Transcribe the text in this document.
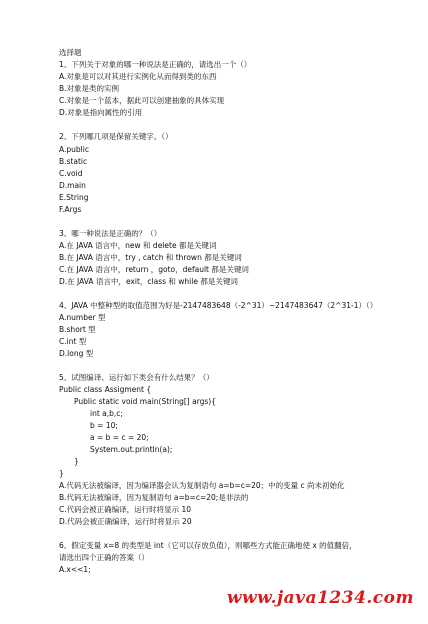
选择题
1、下列关于对象的哪一种说法是正确的，请选出一个（）
A.对象是可以对其进行实例化从而得到类的东西
B.对象是类的实例
C.对象是一个蓝本，据此可以创建抽象的具体实现
D.对象是指向属性的引用
2、下列哪几项是保留关键字。（）
A.public
B.static
C.void
D.main
E.String
F.Args
3、哪一种说法是正确的？（）
A.在 JAVA 语言中，new 和 delete 都是关键词
B.在 JAVA 语言中，try , catch 和 thrown 都是关键词
C.在 JAVA 语言中，return ，goto，default 都是关键词
D.在 JAVA 语言中，exit，class 和 while 都是关键词
4、JAVA 中整种型的取值范围为好是-2147483648（-2^31）~2147483647（2^31-1）（）
A.number 型
B.short 型
C.int 型
D.long 型
5、试图编译、运行如下类会有什么结果？（）
Public class Assigment {
Public static void main(String[] args){
int a,b,c;
b = 10;
a = b = c = 20;
System.out.println(a);
}
}
A.代码无法被编译，因为编译器会认为复制语句 a=b=c=20；中的变量 c 尚未初始化
B.代码无法被编译，因为复制语句 a=b=c=20;是非法的
C.代码会被正确编译，运行时将显示 10
D.代码会被正确编译，运行时将显示 20
6、假定变量 x=8 的类型是 int（它可以存放负值），则哪些方式能正确地使 x 的值翻倍，
请选出四个正确的答案（）
A.x<<1;
www.java1234.com
